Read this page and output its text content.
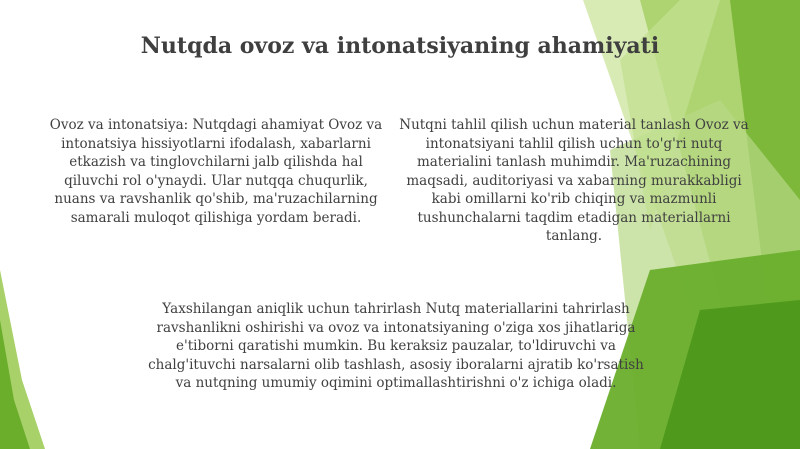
Nutqda ovoz va intonatsiyaning ahamiyati

Ovoz va intonatsiya: Nutqdagi ahamiyat Ovoz va intonatsiya hissiyotlarni ifodalash, xabarlarni etkazish va tinglovchilarni jalb qilishda hal qiluvchi rol o'ynaydi. Ular nutqqa chuqurlik, nuans va ravshanlik qo'shib, ma'ruzachilarning samarali muloqot qilishiga yordam beradi.

Nutqni tahlil qilish uchun material tanlash Ovoz va intonatsiyani tahlil qilish uchun to'g'ri nutq materialini tanlash muhimdir. Ma'ruzachining maqsadi, auditoriyasi va xabarning murakkabligi kabi omillarni ko'rib chiqing va mazmunli tushunchalarni taqdim etadigan materiallarni tanlang.

Yaxshilangan aniqlik uchun tahrirlash Nutq materiallarini tahrirlash ravshanlikni oshirishi va ovoz va intonatsiyaning o'ziga xos jihatlariga e'tiborni qaratishi mumkin. Bu keraksiz pauzalar, to'ldiruvchi va chalg'ituvchi narsalarni olib tashlash, asosiy iboralarni ajratib ko'rsatish va nutqning umumiy oqimini optimallashtirishni o'z ichiga oladi.
